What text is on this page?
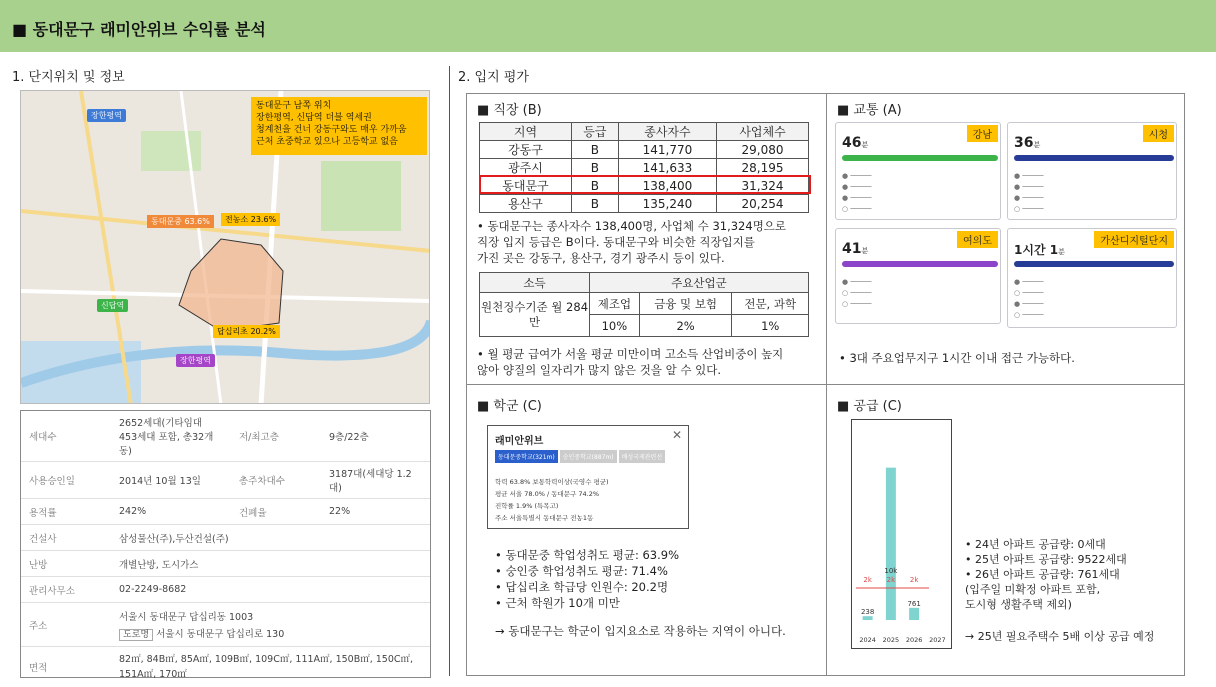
■ 동대문구 래미안위브 수익률 분석
1. 단지위치 및 정보
동대문구 남쪽 위치
장한평역, 신답역 더블 역세권
청계천을 건너 강동구와도 매우 가까움
근처 초중학교 있으나 고등학교 없음
장한평역
신답역
장한평역
동대문중 63.6%	전농소 23.6%
답십리초 20.2%
세대수	2652세대(기타임대 453세대 포함, 총32개동)	저/최고층	9층/22층
사용승인일	2014년 10월 13일	총주차대수	3187대(세대당 1.2대)
용적률	242%	건폐율	22%
건설사	삼성물산(주),두산건설(주)		
난방	개별난방, 도시가스		
관리사무소	02-2249-8682		
주소	서울시 동대문구 답십리동 1003
도로명 서울시 동대문구 답십리로 130		

면적	82㎡, 84B㎡, 85A㎡, 109B㎡, 109C㎡, 111A㎡, 150B㎡, 150C㎡, 151A㎡, 170㎡		
2. 입지 평가
■ 직장 (B)
지역	등급	종사자수	사업체수
강동구	B	141,770	29,080
광주시	B	141,633	28,195
동대문구	B	138,400	31,324
용산구	B	135,240	20,254
• 동대문구는 종사자수 138,400명, 사업체 수 31,324명으로
직장 입지 등급은 B이다. 동대문구와 비슷한 직장입지를
가진 곳은 강동구, 용산구, 경기 광주시 등이 있다.
소득	주요산업군		
원천징수기준 월 284만	제조업	금융 및 보험	전문, 과학
	10%	2%	1%
• 월 평균 급여가 서울 평균 미만이며 고소득 산업비중이 높지
않아 양질의 일자리가 많지 않은 것을 알 수 있다.
■ 교통 (A)
강남
46분
● ─────
● ─────
● ─────
○ ─────
시청
36분
● ─────
● ─────
● ─────
○ ─────
여의도
41분
● ─────
○ ─────
○ ─────
가산디지털단지
1시간 1분
● ─────
○ ─────
● ─────
○ ─────
• 3대 주요업무지구 1시간 이내 접근 가능하다.
■ 학군 (C)
래미안위브	✕
동대문중학교(321m) 숭인중학교(887m) 배성국제관련선
학력 63.8% 보통학력이상(국영수 평균)
평균 서울 78.0% / 동대문구 74.2%
진학률 1.9% (특목고)
주소 서울특별시 동대문구 전농1동
• 동대문중 학업성취도 평균: 63.9%
• 숭인중 학업성취도 평균: 71.4%
• 답십리초 학급당 인원수: 20.2명
• 근처 학원가 10개 미만
→ 동대문구는 학군이 입지요소로 작용하는 지역이 아니다.
■ 공급 (C)
238
2024
10k
2025
761
2026 2027
2k 2k 2k
• 24년 아파트 공급량: 0세대
• 25년 아파트 공급량: 9522세대
• 26년 아파트 공급량: 761세대
(입주일 미확정 아파트 포함,
도시형 생활주택 제외)
→ 25년 필요주택수 5배 이상 공급 예정
